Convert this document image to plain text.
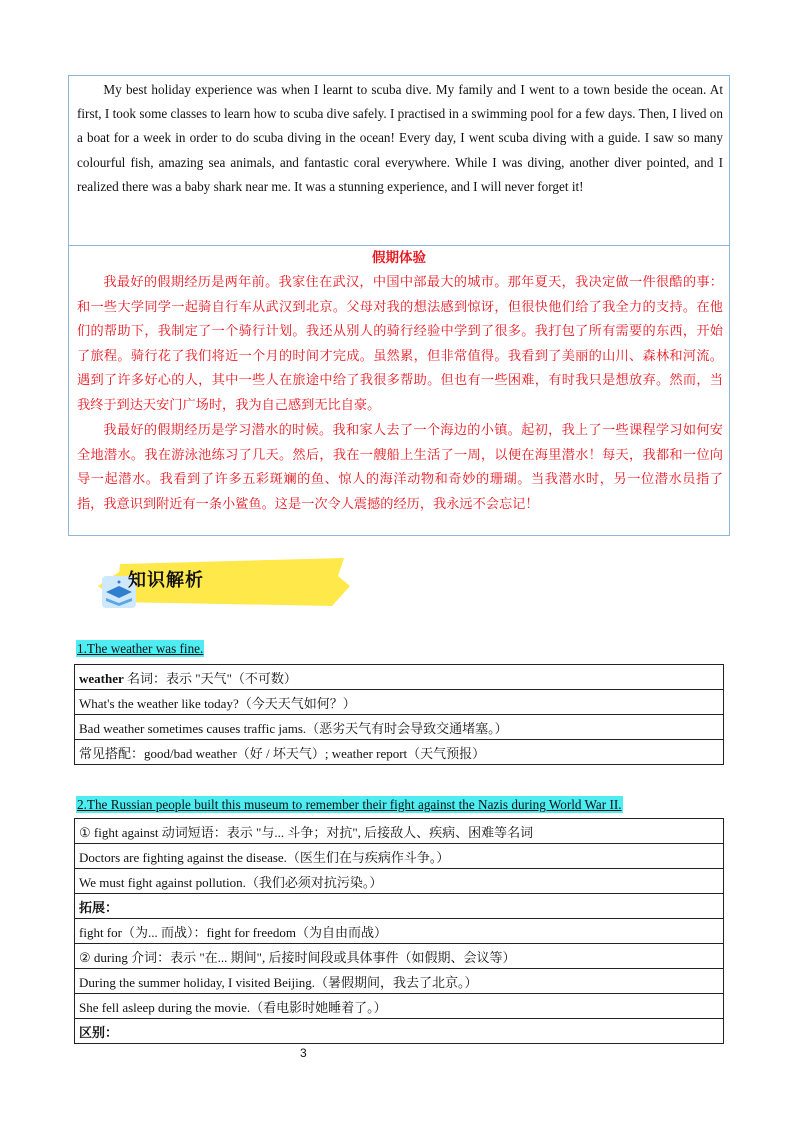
My best holiday experience was when I learnt to scuba dive. My family and I went to a town beside the ocean. At first, I took some classes to learn how to scuba dive safely. I practised in a swimming pool for a few days. Then, I lived on a boat for a week in order to do scuba diving in the ocean! Every day, I went scuba diving with a guide. I saw so many colourful fish, amazing sea animals, and fantastic coral everywhere. While I was diving, another diver pointed, and I realized there was a baby shark near me. It was a stunning experience, and I will never forget it!

假期体验

我最好的假期经历是两年前。我家住在武汉，中国中部最大的城市。那年夏天，我决定做一件很酷的事：和一些大学同学一起骑自行车从武汉到北京。父母对我的想法感到惊讶，但很快他们给了我全力的支持。在他们的帮助下，我制定了一个骑行计划。我还从别人的骑行经验中学到了很多。我打包了所有需要的东西，开始了旅程。骑行花了我们将近一个月的时间才完成。虽然累，但非常值得。我看到了美丽的山川、森林和河流。遇到了许多好心的人，其中一些人在旅途中给了我很多帮助。但也有一些困难，有时我只是想放弃。然而，当我终于到达天安门广场时，我为自己感到无比自豪。

我最好的假期经历是学习潜水的时候。我和家人去了一个海边的小镇。起初，我上了一些课程学习如何安全地潜水。我在游泳池练习了几天。然后，我在一艘船上生活了一周，以便在海里潜水！每天，我都和一位向导一起潜水。我看到了许多五彩斑斓的鱼、惊人的海洋动物和奇妙的珊瑚。当我潜水时，另一位潜水员指了指，我意识到附近有一条小鲨鱼。这是一次令人震撼的经历，我永远不会忘记！

知识解析
1.The weather was fine.
weather 名词：表示 "天气"（不可数）
What's the weather like today?（今天天气如何？）
Bad weather sometimes causes traffic jams.（恶劣天气有时会导致交通堵塞。）
常见搭配：good/bad weather（好 / 坏天气）; weather report（天气预报）
2.The Russian people built this museum to remember their fight against the Nazis during World War II.
① fight against 动词短语：表示 "与... 斗争；对抗", 后接敌人、疾病、困难等名词
Doctors are fighting against the disease.（医生们在与疾病作斗争。）
We must fight against pollution.（我们必须对抗污染。）
拓展：
fight for（为... 而战）：fight for freedom（为自由而战）
② during 介词：表示 "在... 期间", 后接时间段或具体事件（如假期、会议等）
During the summer holiday, I visited Beijing.（暑假期间，我去了北京。）
She fell asleep during the movie.（看电影时她睡着了。）
区别：
3
